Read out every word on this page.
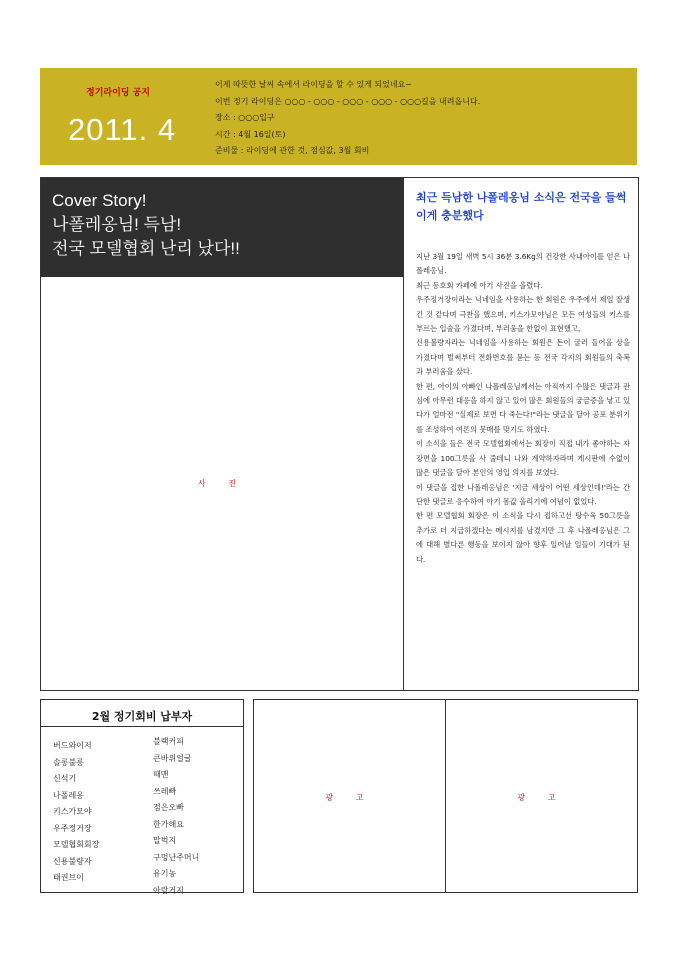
정기라이딩 공지
2011. 4
이제 따뜻한 날씨 속에서 라이딩을 할 수 있게 되었네요~
이번 정기 라이딩은 ○○○ - ○○○ - ○○○ - ○○○ - ○○○길을 내려옵니다.
장소 : ○○○입구
시간 : 4월 16일(토)
준비물 : 라이딩에 관한 것, 점심값, 3월 회비
Cover Story!
나폴레옹님! 득남!
전국 모델협회 난리 났다!!
사 진
최근 득남한 나폴레옹님 소식은 전국을 들썩이게 충분했다

지난 3월 19일 새벽 5시 36분 3.6Kg의 건강한 사내아이를 얻은 나폴레옹님.

최근 동호회 카페에 아기 사진을 올렸다.

우주정거장이라는 닉네임을 사용하는 한 회원은 우주에서 제일 잘생긴 것 같다며 극찬을 했으며, 키스가모야님은 모든 여성들의 키스를 부르는 입술을 가졌다며, 부러움을 한없이 표현했고,

신용불량자라는 닉네임을 사용하는 회원은 돈이 굴러 들어올 상을 가졌다며 벌써부터 전화번호를 묻는 등 전국 각지의 회원들의 축복과 부러움을 샀다.

한 편, 아이의 아빠인 나폴레옹님께서는 아직까지 수많은 댓글과 관심에 아무런 대응을 하지 않고 있어 많은 회원들의 궁금증을 낳고 있다가 얼마전 "실제로 보면 다 죽는다!"라는 댓글을 달아 공포 분위기를 조성하여 여론의 뭇매를 맞기도 하였다.

이 소식을 들은 전국 모델협회에서는 회장이 직접 내가 좋아하는 자장면을 100그릇을 사 줄테니 나와 계약하자라며 게시판에 수없이 많은 댓글을 달아 본인의 영입 의지를 보였다.

이 댓글을 접한 나폴레옹님은 '지금 세상이 어떤 세상인데!'라는 간단한 댓글로 응수하여 아기 몸값 올리기에 여념이 없었다.

한 편 모델협회 회장은 이 소식을 다시 접하고선 탕수육 50그릇을 추가로 더 지급하겠다는 메시지를 남겼지만 그 후 나폴레옹님은 그에 대해 별다른 행동을 보이지 않아 향후 일어날 일들이 기대가 된다.

2월 정기회비 납부자
버드와이저
솔롱불롱
신석기
나폴레옹
키스가모야
우주정거장
모델협회회장
신용불량자
태권브이
블랙커피
큰바위얼굴
때맨
쓰레빠
점은오빠
한가해요
말벅지
구멍난주머니
유기농
아람거지
광 고	광 고
